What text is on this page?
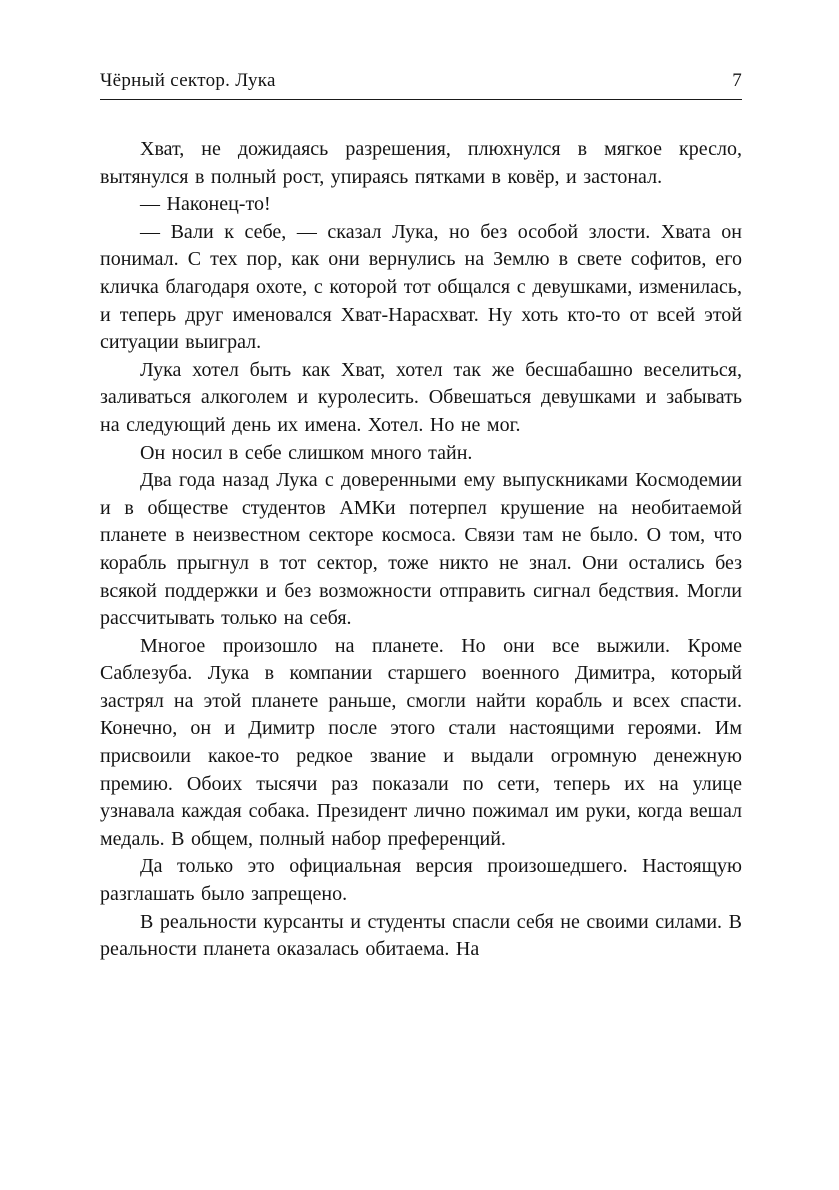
Чёрный сектор. Лука	7

Хват, не дожидаясь разрешения, плюхнулся в мягкое кресло, вытянулся в полный рост, упираясь пятками в ковёр, и застонал.

— Наконец-то!

— Вали к себе, — сказал Лука, но без особой злости. Хвата он понимал. С тех пор, как они вернулись на Землю в свете софитов, его кличка благодаря охоте, с которой тот общался с девушками, изменилась, и теперь друг именовался Хват-Нарасхват. Ну хоть кто-то от всей этой ситуации выиграл.

Лука хотел быть как Хват, хотел так же бесшабашно веселиться, заливаться алкоголем и куролесить. Обвешаться девушками и забывать на следующий день их имена. Хотел. Но не мог.

Он носил в себе слишком много тайн.

Два года назад Лука с доверенными ему выпускниками Космодемии и в обществе студентов АМКи потерпел крушение на необитаемой планете в неизвестном секторе космоса. Связи там не было. О том, что корабль прыгнул в тот сектор, тоже никто не знал. Они остались без всякой поддержки и без возможности отправить сигнал бедствия. Могли рассчитывать только на себя.

Многое произошло на планете. Но они все выжили. Кроме Саблезуба. Лука в компании старшего военного Димитра, который застрял на этой планете раньше, смогли найти корабль и всех спасти. Конечно, он и Димитр после этого стали настоящими героями. Им присвоили какое-то редкое звание и выдали огромную денежную премию. Обоих тысячи раз показали по сети, теперь их на улице узнавала каждая собака. Президент лично пожимал им руки, когда вешал медаль. В общем, полный набор преференций.

Да только это официальная версия произошедшего. Настоящую разглашать было запрещено.

В реальности курсанты и студенты спасли себя не своими силами. В реальности планета оказалась обитаема. На
